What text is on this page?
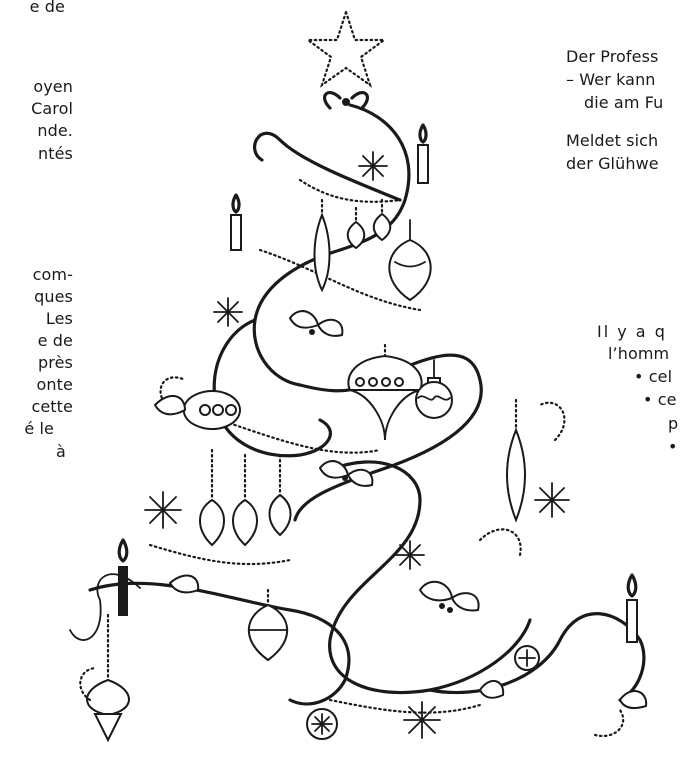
e de
oyen
Carol
nde.
ntés
com-
ques
Les
e de
près
onte
cette
é le
à
Der Profess
– Wer kann
die am Fu
Meldet sich
der Glühwe
Il y a q
l’homm
• cel
• ce
p
•
